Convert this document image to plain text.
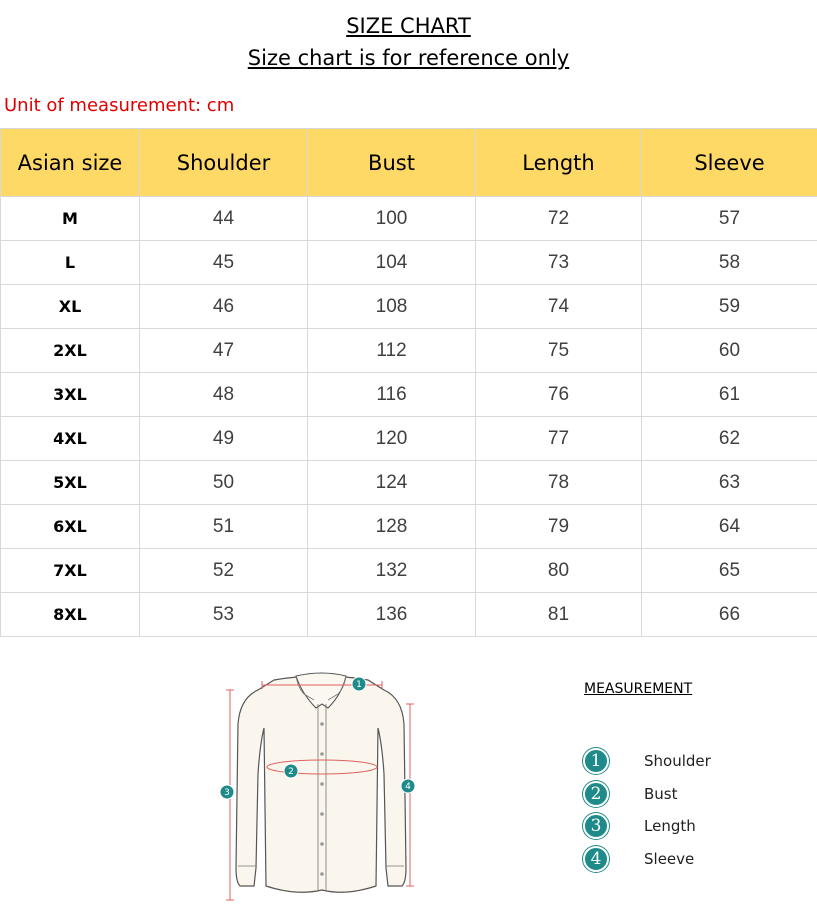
SIZE CHART
Size chart is for reference only
Unit of measurement: cm
Asian size	Shoulder	Bust	Length	Sleeve
M	44	100	72	57
L	45	104	73	58
XL	46	108	74	59
2XL	47	112	75	60
3XL	48	116	76	61
4XL	49	120	77	62
5XL	50	124	78	63
6XL	51	128	79	64
7XL	52	132	80	65
8XL	53	136	81	66
1
2
3
4
MEASUREMENT
1	Shoulder
2	Bust
3	Length
4	Sleeve
